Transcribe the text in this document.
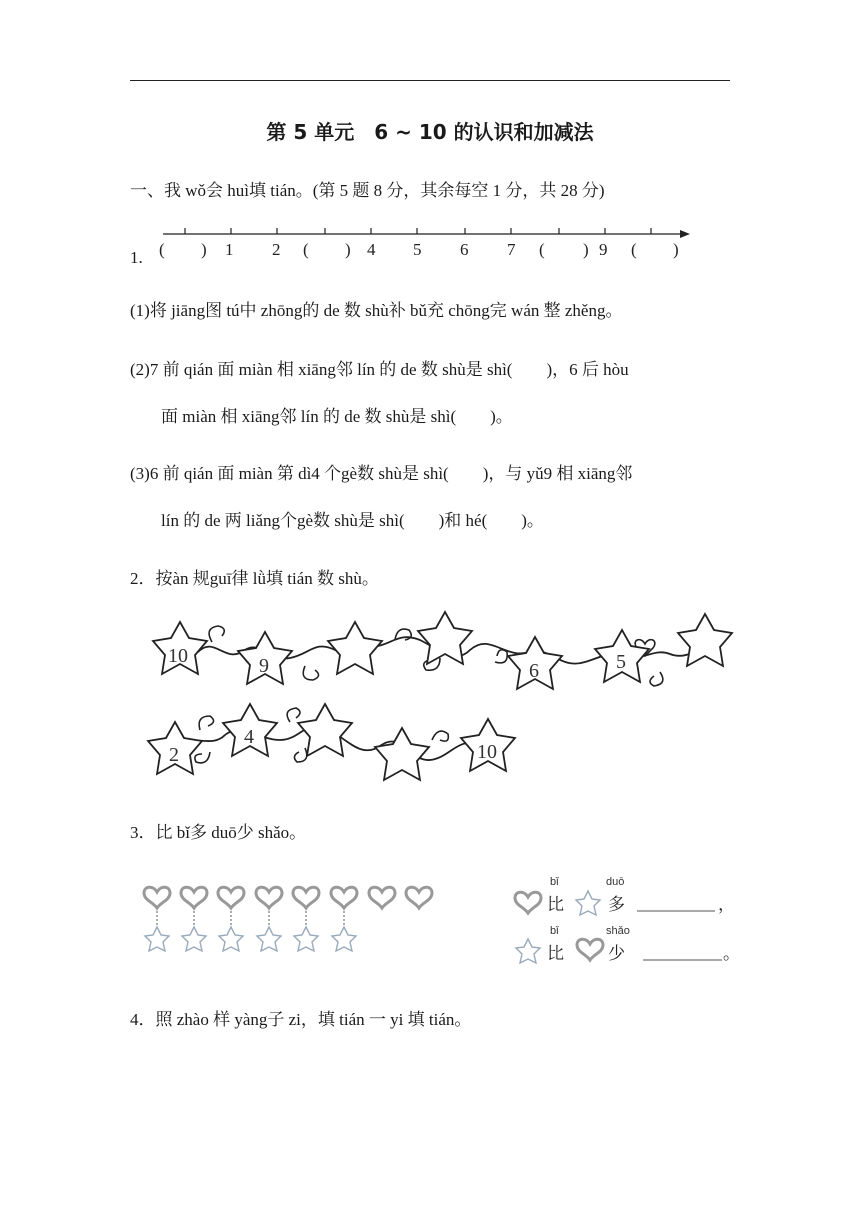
第 5 单元　6 ~ 10 的认识和加减法
一、我 wǒ会 huì填 tián。(第 5 题 8 分，其余每空 1 分，共 28 分)
1. ( ) 1 2 ( ) 4 5 6 7 ( ) 9 ( )
(1)将 jiāng图 tú中 zhōng的 de 数 shù补 bǔ充 chōng完 wán 整 zhěng。
(2)7 前 qián 面 miàn 相 xiāng邻 lín 的 de 数 shù是 shì(　　)，6 后 hòu
面 miàn 相 xiāng邻 lín 的 de 数 shù是 shì(　　)。
(3)6 前 qián 面 miàn 第 dì4 个gè数 shù是 shì(　　)，与 yǔ9 相 xiāng邻
lín 的 de 两 liǎng个gè数 shù是 shì(　　)和 hé(　　)。
2．按àn 规guī律 lǜ填 tián 数 shù。
10	9	6	5
2
4
10
3．比 bǐ多 duō少 shǎo。
bǐ
比
duō
多	，
bǐ
比
shǎo
少	。
4．照 zhào 样 yàng子 zi，填 tián 一 yi 填 tián。
